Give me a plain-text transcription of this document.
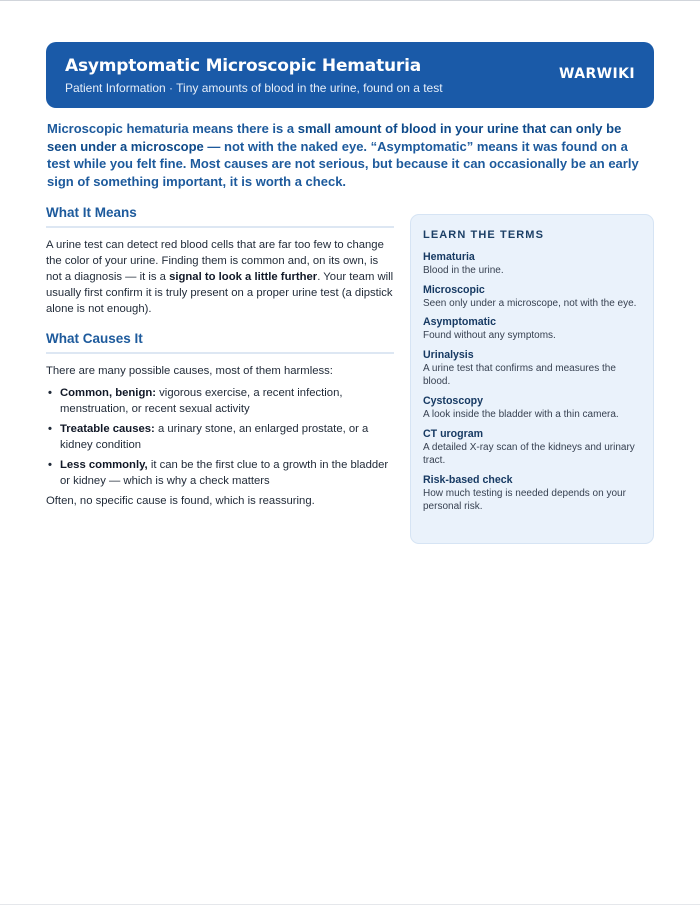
Asymptomatic Microscopic Hematuria
Patient Information · Tiny amounts of blood in the urine, found on a test
WARWIKI

Microscopic hematuria means there is a small amount of blood in your urine that can only be seen under a microscope — not with the naked eye. “Asymptomatic” means it was found on a test while you felt fine. Most causes are not serious, but because it can occasionally be an early sign of something important, it is worth a check.

What It Means

A urine test can detect red blood cells that are far too few to change the color of your urine. Finding them is common and, on its own, is not a diagnosis — it is a signal to look a little further. Your team will usually first confirm it is truly present on a proper urine test (a dipstick alone is not enough).

What Causes It

There are many possible causes, most of them harmless:

• Common, benign: vigorous exercise, a recent infection, menstruation, or recent sexual activity
• Treatable causes: a urinary stone, an enlarged prostate, or a kidney condition
• Less commonly, it can be the first clue to a growth in the bladder or kidney — which is why a check matters

Often, no specific cause is found, which is reassuring.

LEARN THE TERMS
Hematuria
Blood in the urine.
Microscopic
Seen only under a microscope, not with the eye.
Asymptomatic
Found without any symptoms.
Urinalysis
A urine test that confirms and measures the blood.
Cystoscopy
A look inside the bladder with a thin camera.
CT urogram
A detailed X-ray scan of the kidneys and urinary tract.
Risk-based check
How much testing is needed depends on your personal risk.
